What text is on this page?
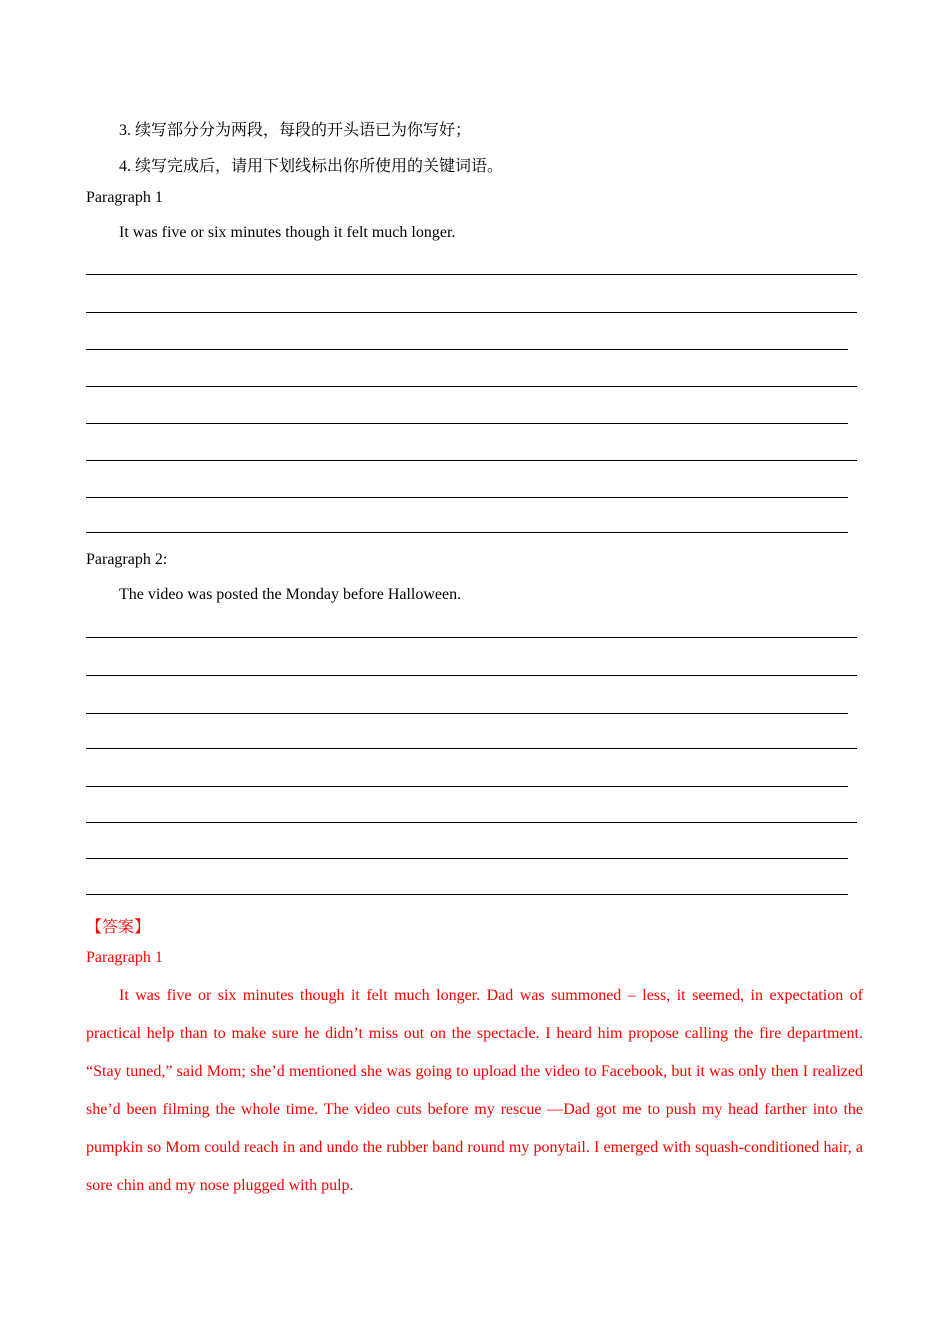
3. 续写部分分为两段，每段的开头语已为你写好；
4. 续写完成后，请用下划线标出你所使用的关键词语。
Paragraph 1
It was five or six minutes though it felt much longer.
Paragraph 2:
The video was posted the Monday before Halloween.
【答案】
Paragraph 1
It was five or six minutes though it felt much longer. Dad was summoned – less, it seemed, in expectation of practical help than to make sure he didn’t miss out on the spectacle. I heard him propose calling the fire department. “Stay tuned,” said Mom; she’d mentioned she was going to upload the video to Facebook, but it was only then I realized she’d been filming the whole time. The video cuts before my rescue —Dad got me to push my head farther into the pumpkin so Mom could reach in and undo the rubber band round my ponytail. I emerged with squash-conditioned hair, a sore chin and my nose plugged with pulp.
